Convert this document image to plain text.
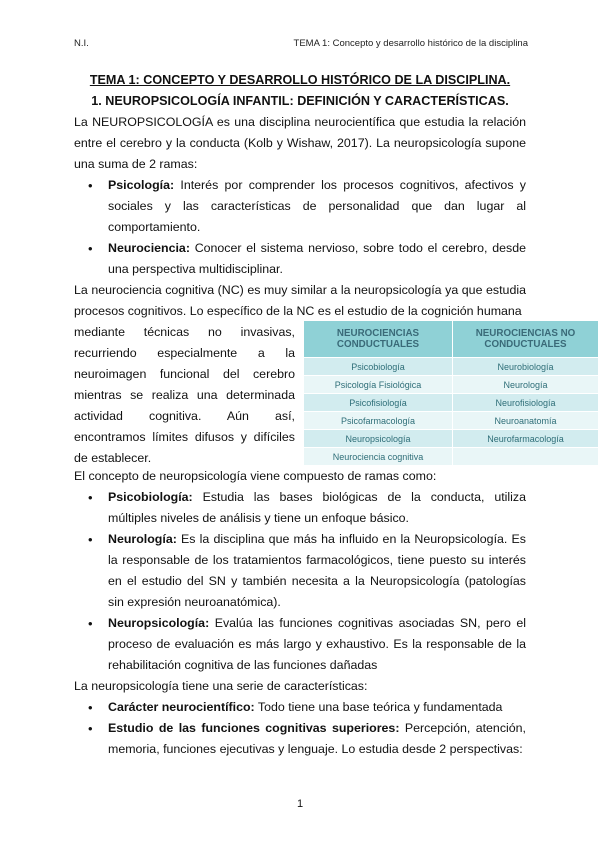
N.I.	TEMA 1: Concepto y desarrollo histórico de la disciplina
TEMA 1: CONCEPTO Y DESARROLLO HISTÓRICO DE LA DISCIPLINA.
1. NEUROPSICOLOGÍA INFANTIL: DEFINICIÓN Y CARACTERÍSTICAS.

La NEUROPSICOLOGÍA es una disciplina neurocientífica que estudia la relación entre el cerebro y la conducta (Kolb y Wishaw, 2017). La neuropsicología supone una suma de 2 ramas:

• Psicología: Interés por comprender los procesos cognitivos, afectivos y sociales y las características de personalidad que dan lugar al comportamiento.

• Neurociencia: Conocer el sistema nervioso, sobre todo el cerebro, desde una perspectiva multidisciplinar.

La neurociencia cognitiva (NC) es muy similar a la neuropsicología ya que estudia procesos cognitivos. Lo específico de la NC es el estudio de la cognición humana

mediante técnicas no invasivas, recurriendo especialmente a la neuroimagen funcional del cerebro mientras se realiza una determinada actividad cognitiva. Aún así, encontramos límites difusos y difíciles de establecer.

NEUROCIENCIAS CONDUCTUALES	NEUROCIENCIAS NO CONDUCTUALES
Psicobiología	Neurobiología
Psicología Fisiológica	Neurología
Psicofisiología	Neurofisiología
Psicofarmacología	Neuroanatomía
Neuropsicología	Neurofarmacología
Neurociencia cognitiva	

El concepto de neuropsicología viene compuesto de ramas como:

• Psicobiología: Estudia las bases biológicas de la conducta, utiliza múltiples niveles de análisis y tiene un enfoque básico.

• Neurología: Es la disciplina que más ha influido en la Neuropsicología. Es la responsable de los tratamientos farmacológicos, tiene puesto su interés en el estudio del SN y también necesita a la Neuropsicología (patologías sin expresión neuroanatómica).

• Neuropsicología: Evalúa las funciones cognitivas asociadas SN, pero el proceso de evaluación es más largo y exhaustivo. Es la responsable de la rehabilitación cognitiva de las funciones dañadas

La neuropsicología tiene una serie de características:

• Carácter neurocientífico: Todo tiene una base teórica y fundamentada

• Estudio de las funciones cognitivas superiores: Percepción, atención, memoria, funciones ejecutivas y lenguaje. Lo estudia desde 2 perspectivas:

1
